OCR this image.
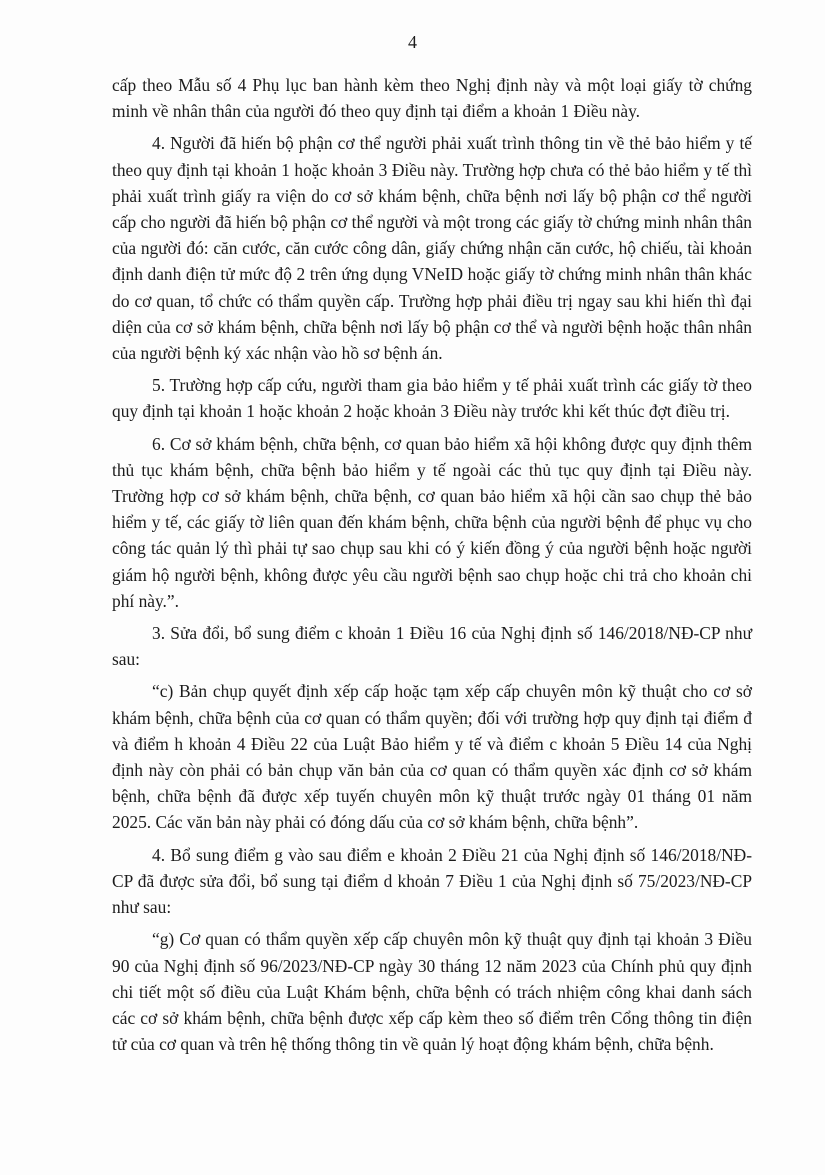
4

cấp theo Mẫu số 4 Phụ lục ban hành kèm theo Nghị định này và một loại giấy tờ chứng minh về nhân thân của người đó theo quy định tại điểm a khoản 1 Điều này.

4. Người đã hiến bộ phận cơ thể người phải xuất trình thông tin về thẻ bảo hiểm y tế theo quy định tại khoản 1 hoặc khoản 3 Điều này. Trường hợp chưa có thẻ bảo hiểm y tế thì phải xuất trình giấy ra viện do cơ sở khám bệnh, chữa bệnh nơi lấy bộ phận cơ thể người cấp cho người đã hiến bộ phận cơ thể người và một trong các giấy tờ chứng minh nhân thân của người đó: căn cước, căn cước công dân, giấy chứng nhận căn cước, hộ chiếu, tài khoản định danh điện tử mức độ 2 trên ứng dụng VNeID hoặc giấy tờ chứng minh nhân thân khác do cơ quan, tổ chức có thẩm quyền cấp. Trường hợp phải điều trị ngay sau khi hiến thì đại diện của cơ sở khám bệnh, chữa bệnh nơi lấy bộ phận cơ thể và người bệnh hoặc thân nhân của người bệnh ký xác nhận vào hồ sơ bệnh án.

5. Trường hợp cấp cứu, người tham gia bảo hiểm y tế phải xuất trình các giấy tờ theo quy định tại khoản 1 hoặc khoản 2 hoặc khoản 3 Điều này trước khi kết thúc đợt điều trị.

6. Cơ sở khám bệnh, chữa bệnh, cơ quan bảo hiểm xã hội không được quy định thêm thủ tục khám bệnh, chữa bệnh bảo hiểm y tế ngoài các thủ tục quy định tại Điều này. Trường hợp cơ sở khám bệnh, chữa bệnh, cơ quan bảo hiểm xã hội cần sao chụp thẻ bảo hiểm y tế, các giấy tờ liên quan đến khám bệnh, chữa bệnh của người bệnh để phục vụ cho công tác quản lý thì phải tự sao chụp sau khi có ý kiến đồng ý của người bệnh hoặc người giám hộ người bệnh, không được yêu cầu người bệnh sao chụp hoặc chi trả cho khoản chi phí này.”.

3. Sửa đổi, bổ sung điểm c khoản 1 Điều 16 của Nghị định số 146/2018/NĐ-CP như sau:

“c) Bản chụp quyết định xếp cấp hoặc tạm xếp cấp chuyên môn kỹ thuật cho cơ sở khám bệnh, chữa bệnh của cơ quan có thẩm quyền; đối với trường hợp quy định tại điểm đ và điểm h khoản 4 Điều 22 của Luật Bảo hiểm y tế và điểm c khoản 5 Điều 14 của Nghị định này còn phải có bản chụp văn bản của cơ quan có thẩm quyền xác định cơ sở khám bệnh, chữa bệnh đã được xếp tuyến chuyên môn kỹ thuật trước ngày 01 tháng 01 năm 2025. Các văn bản này phải có đóng dấu của cơ sở khám bệnh, chữa bệnh”.

4. Bổ sung điểm g vào sau điểm e khoản 2 Điều 21 của Nghị định số 146/2018/NĐ-CP đã được sửa đổi, bổ sung tại điểm d khoản 7 Điều 1 của Nghị định số 75/2023/NĐ-CP như sau:

“g) Cơ quan có thẩm quyền xếp cấp chuyên môn kỹ thuật quy định tại khoản 3 Điều 90 của Nghị định số 96/2023/NĐ-CP ngày 30 tháng 12 năm 2023 của Chính phủ quy định chi tiết một số điều của Luật Khám bệnh, chữa bệnh có trách nhiệm công khai danh sách các cơ sở khám bệnh, chữa bệnh được xếp cấp kèm theo số điểm trên Cổng thông tin điện tử của cơ quan và trên hệ thống thông tin về quản lý hoạt động khám bệnh, chữa bệnh.
